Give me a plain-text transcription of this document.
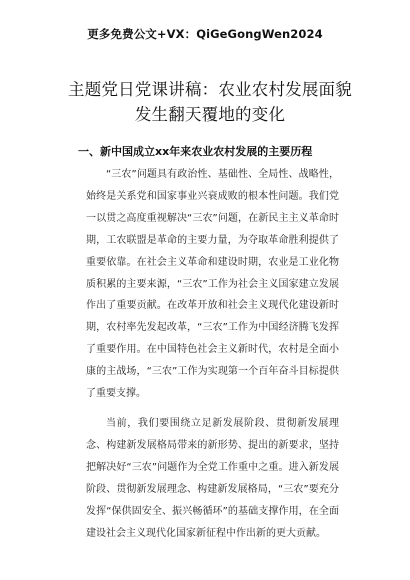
更多免费公文+VX：QiGeGongWen2024
主题党日党课讲稿：农业农村发展面貌发生翻天覆地的变化
一、新中国成立xx年来农业农村发展的主要历程

“三农”问题具有政治性、基础性、全局性、战略性，始终是关系党和国家事业兴衰成败的根本性问题。我们党一以贯之高度重视解决“三农”问题，在新民主主义革命时期，工农联盟是革命的主要力量，为夺取革命胜利提供了重要依靠。在社会主义革命和建设时期，农业是工业化物质积累的主要来源，“三农”工作为社会主义国家建立发展作出了重要贡献。在改革开放和社会主义现代化建设新时期，农村率先发起改革，“三农”工作为中国经济腾飞发挥了重要作用。在中国特色社会主义新时代，农村是全面小康的主战场，“三农”工作为实现第一个百年奋斗目标提供了重要支撑。

当前，我们要围绕立足新发展阶段、贯彻新发展理念、构建新发展格局带来的新形势、提出的新要求，坚持把解决好“三农”问题作为全党工作重中之重。进入新发展阶段、贯彻新发展理念、构建新发展格局，“三农”要充分发挥“保供固安全、振兴畅循环”的基础支撑作用，在全面建设社会主义现代化国家新征程中作出新的更大贡献。
